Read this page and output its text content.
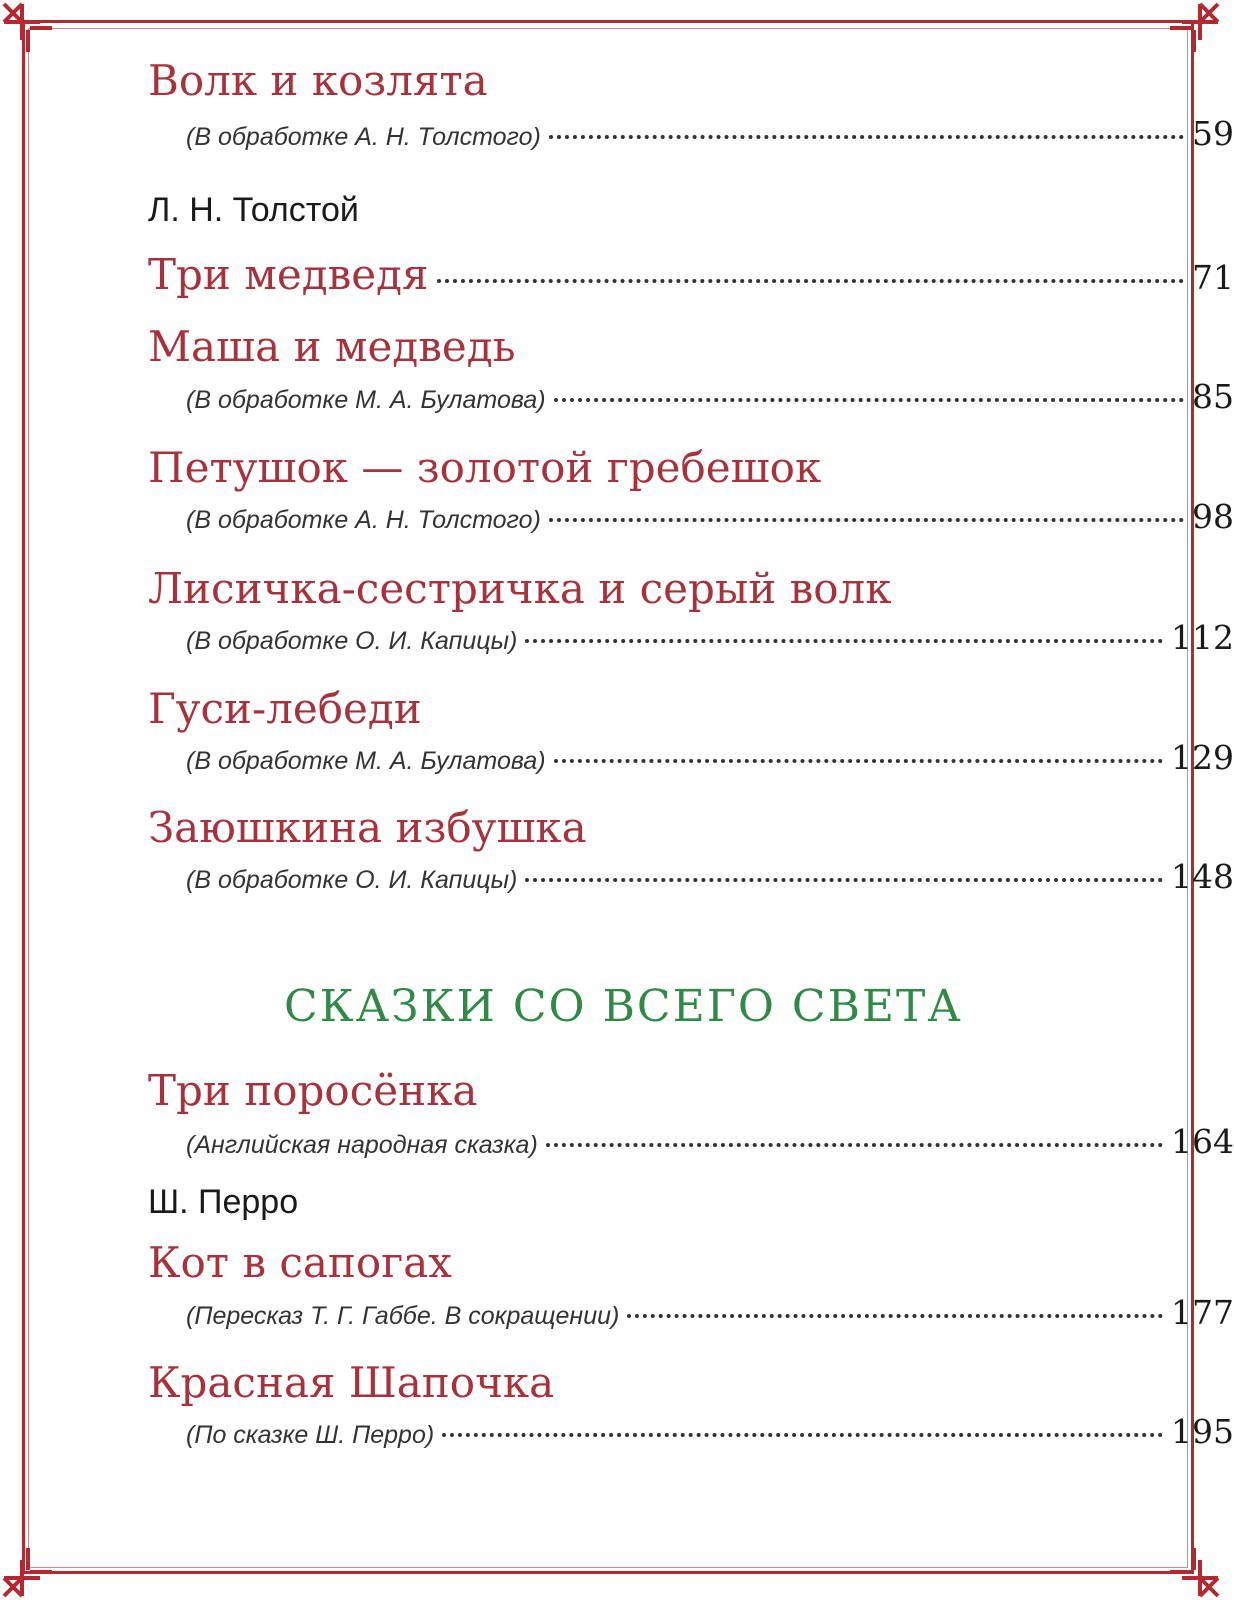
Волк и козлята
(В обработке А. Н. Толстого)	59
Л. Н. Толстой
Три медведя	71
Маша и медведь
(В обработке М. А. Булатова)	85
Петушок — золотой гребешок
(В обработке А. Н. Толстого)	98
Лисичка-сестричка и серый волк
(В обработке О. И. Капицы)	112
Гуси-лебеди
(В обработке М. А. Булатова)	129
Заюшкина избушка
(В обработке О. И. Капицы)	148
СКАЗКИ СО ВСЕГО СВЕТА
Три поросёнка
(Английская народная сказка)	164
Ш. Перро
Кот в сапогах
(Пересказ Т. Г. Габбе. В сокращении)	177
Красная Шапочка
(По сказке Ш. Перро)	195
